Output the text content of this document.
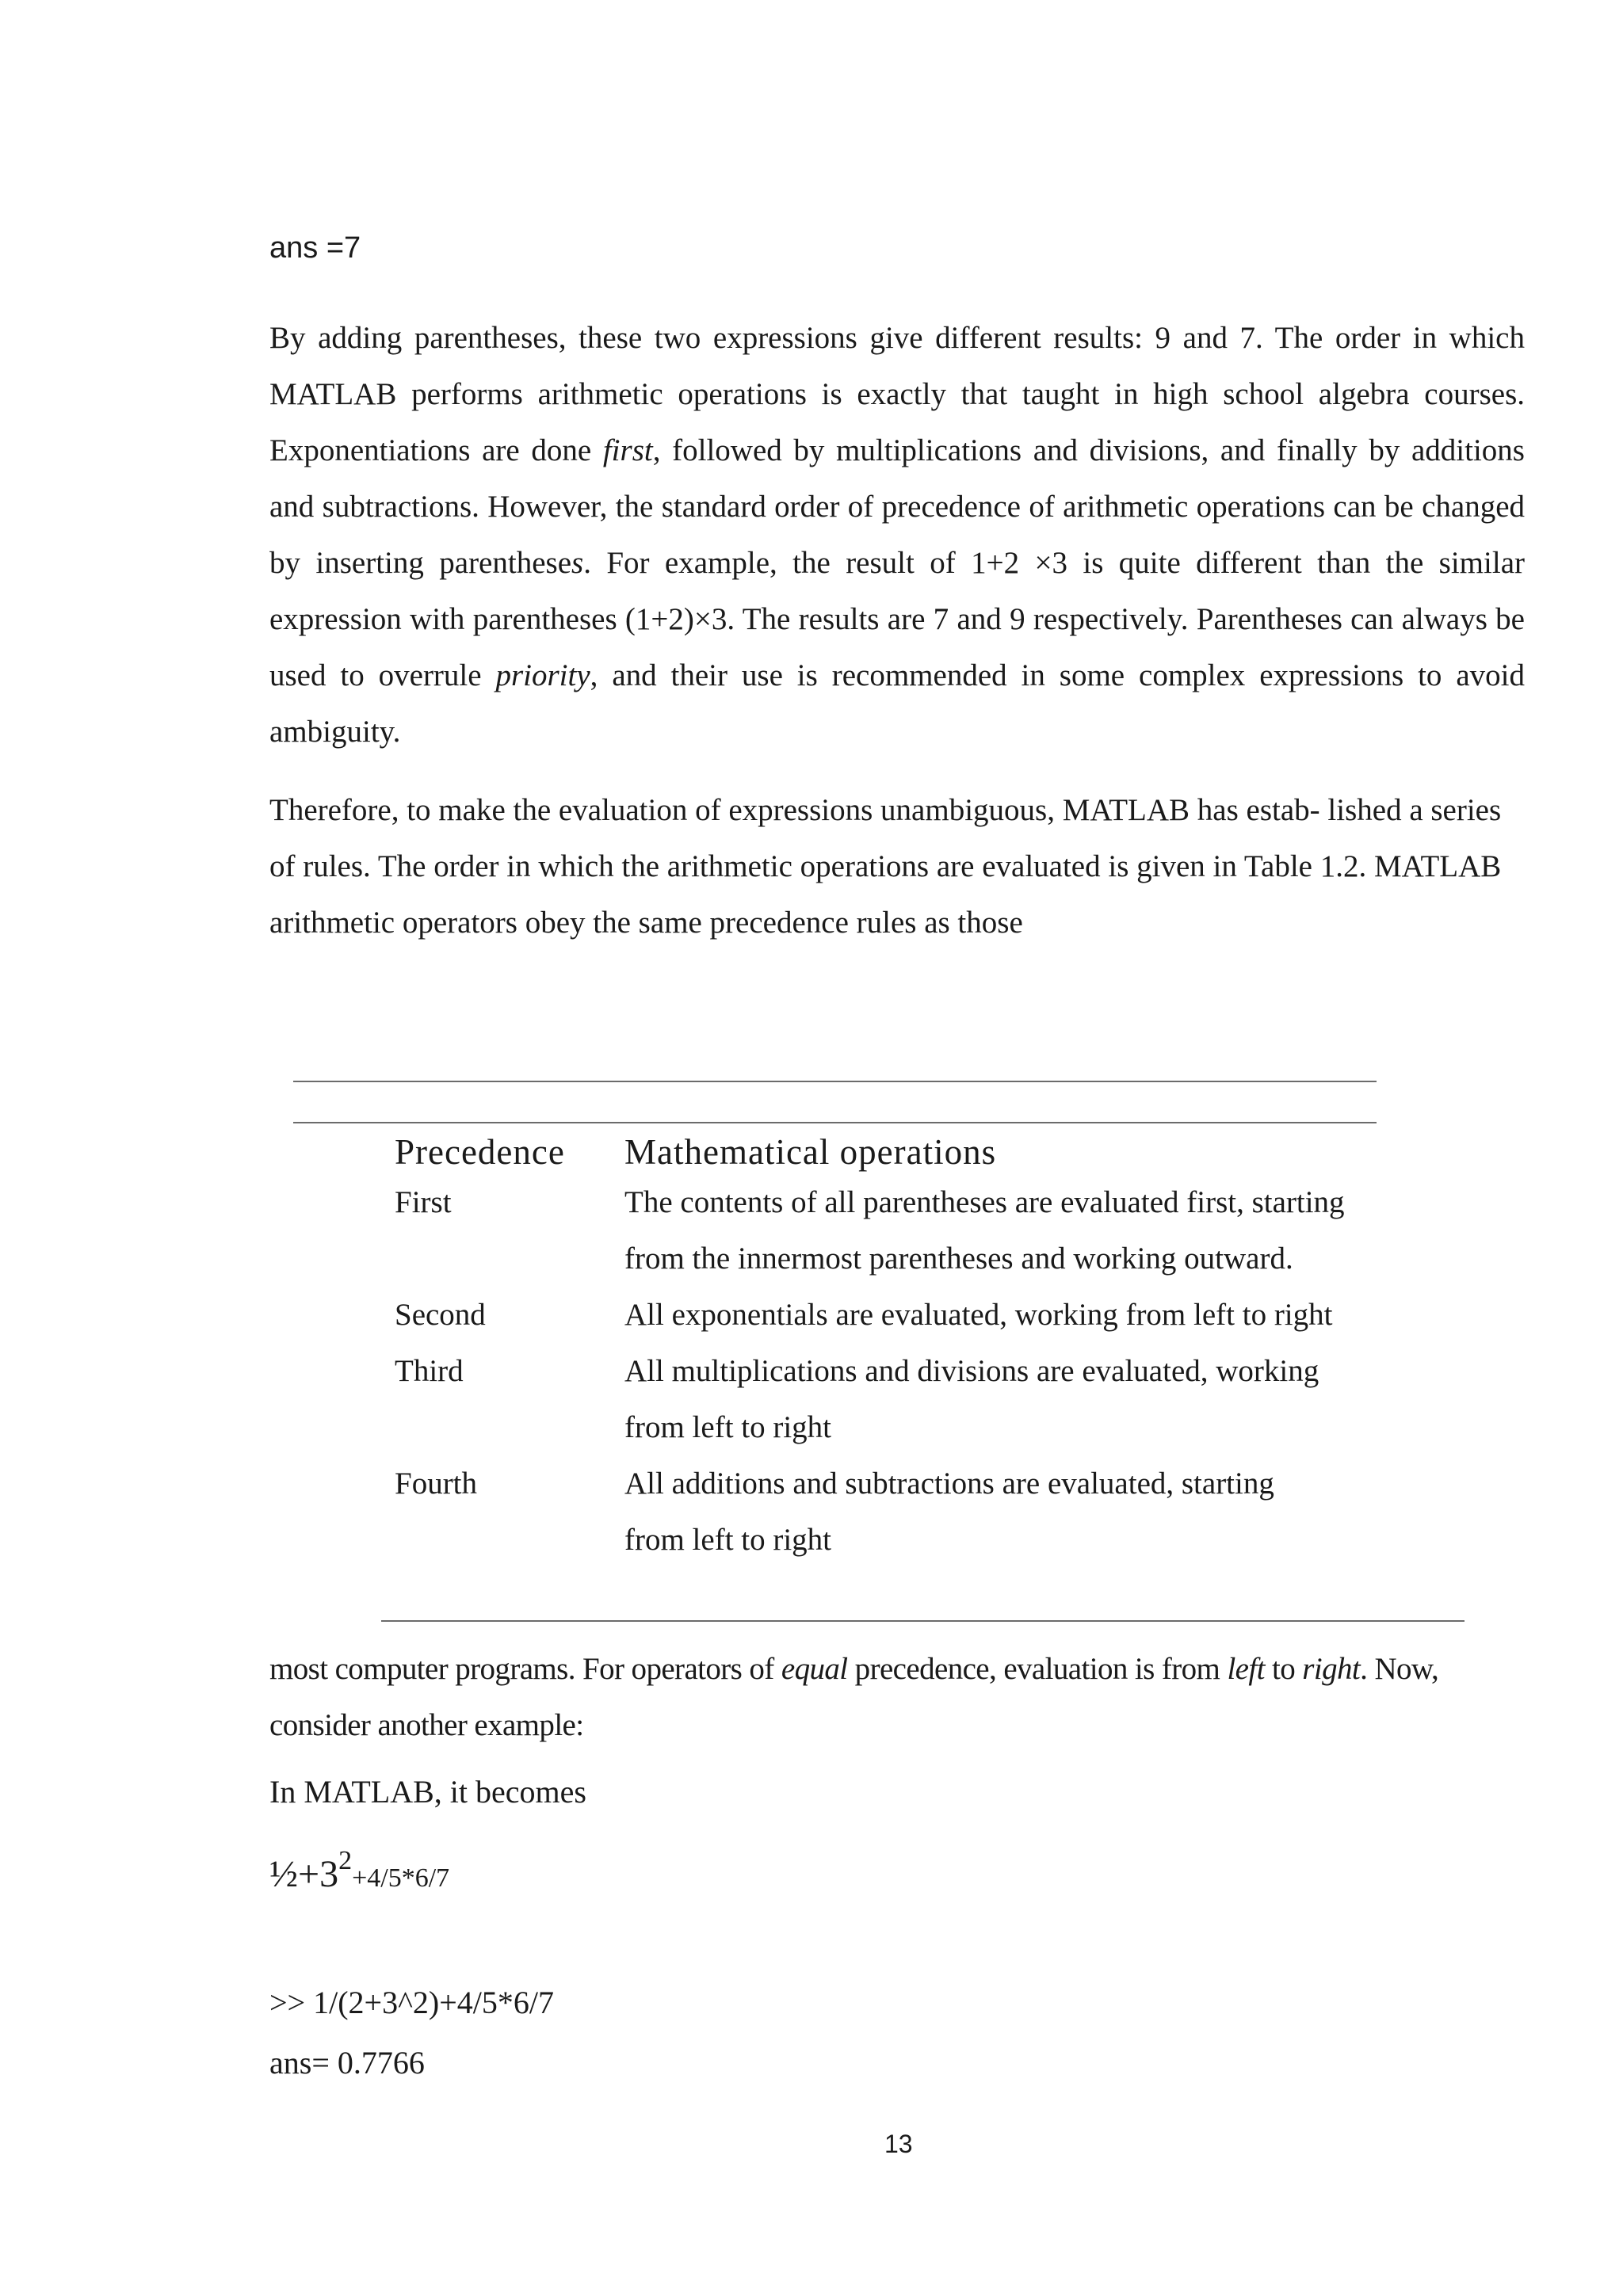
ans =7

By adding parentheses, these two expressions give different results: 9 and 7. The order in which MATLAB performs arithmetic operations is exactly that taught in high school algebra courses. Exponentiations are done first, followed by multiplications and divisions, and finally by additions and subtractions. However, the standard order of precedence of arithmetic operations can be changed by inserting parentheses. For example, the result of 1+2 ×3 is quite different than the similar expression with parentheses (1+2)×3. The results are 7 and 9 respectively. Parentheses can always be used to overrule priority, and their use is recommended in some complex expressions to avoid ambiguity.

Therefore, to make the evaluation of expressions unambiguous, MATLAB has estab- lished a series of rules. The order in which the arithmetic operations are evaluated is given in Table 1.2. MATLAB arithmetic operators obey the same precedence rules as those

Precedence	Mathematical operations
First	The contents of all parentheses are evaluated first, starting
from the innermost parentheses and working outward.
Second	All exponentials are evaluated, working from left to right
Third	All multiplications and divisions are evaluated, working
from left to right
Fourth	All additions and subtractions are evaluated, starting
from left to right

most computer programs. For operators of equal precedence, evaluation is from left to right. Now, consider another example:

In MATLAB, it becomes
$\frac{1}{2}+3^2+4/5*6/7$
>> 1/(2+3^2)+4/5*6/7
ans= 0.7766
13
